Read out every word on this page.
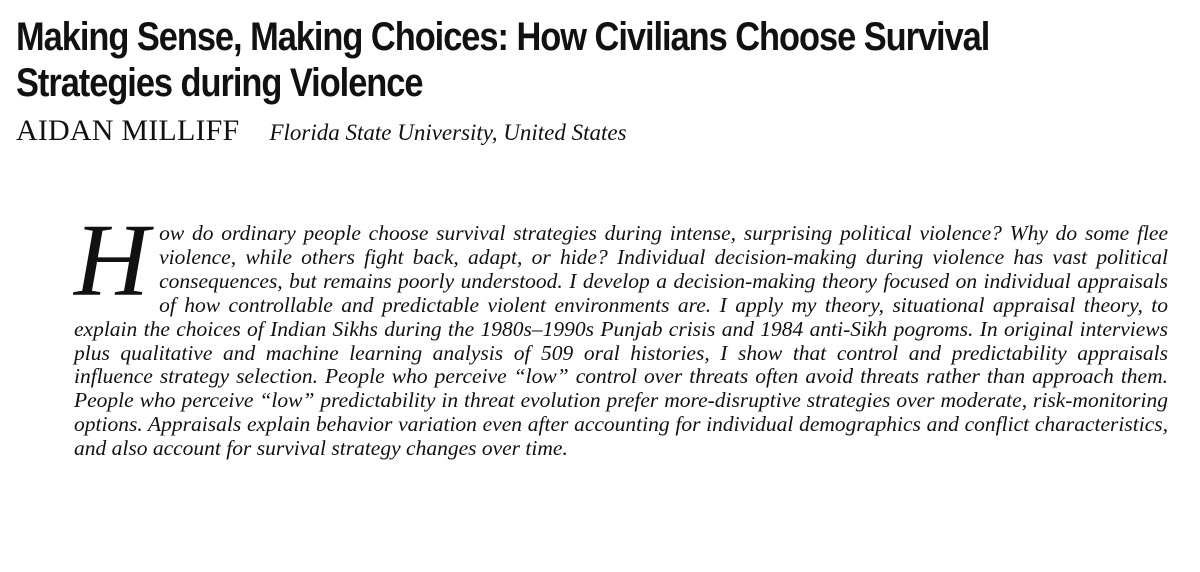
Making Sense, Making Choices: How Civilians Choose Survival
Strategies during Violence
AIDAN MILLIFF Florida State University, United States

How do ordinary people choose survival strategies during intense, surprising political violence? Why do some flee violence, while others fight back, adapt, or hide? Individual decision-making during violence has vast political consequences, but remains poorly understood. I develop a decision-making theory focused on individual appraisals of how controllable and predictable violent environments are. I apply my theory, situational appraisal theory, to explain the choices of Indian Sikhs during the 1980s–1990s Punjab crisis and 1984 anti-Sikh pogroms. In original interviews plus qualitative and machine learning analysis of 509 oral histories, I show that control and predictability appraisals influence strategy selection. People who perceive “low” control over threats often avoid threats rather than approach them. People who perceive “low” predictability in threat evolution prefer more-disruptive strategies over moderate, risk-monitoring options. Appraisals explain behavior variation even after accounting for individual demographics and conflict characteristics, and also account for survival strategy changes over time.
